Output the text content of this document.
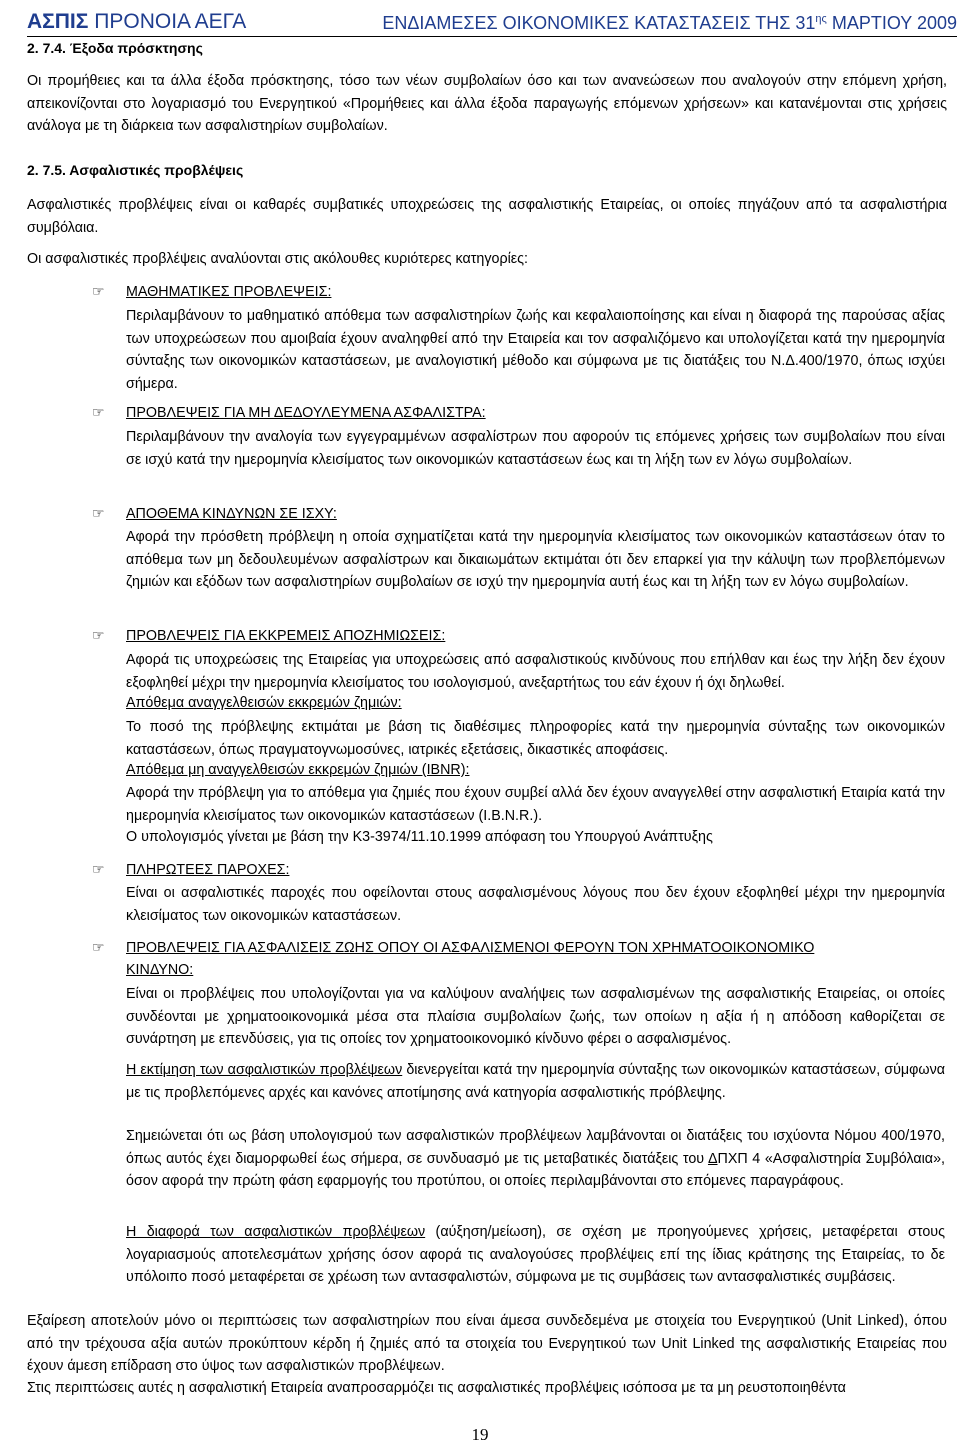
ΑΣΠΙΣ ΠΡΟΝΟΙΑ ΑΕΓΑ	ΕΝΔΙΑΜΕΣΕΣ ΟΙΚΟΝΟΜΙΚΕΣ ΚΑΤΑΣΤΑΣΕΙΣ ΤΗΣ $31^{\eta\varsigma}$ ΜΑΡΤΙΟΥ 2009
2. 7.4. Έξοδα πρόσκτησης

Οι προμήθειες και τα άλλα έξοδα πρόσκτησης, τόσο των νέων συμβολαίων όσο και των ανανεώσεων που αναλογούν στην επόμενη χρήση, απεικονίζονται στο λογαριασμό του Ενεργητικού «Προμήθειες και άλλα έξοδα παραγωγής επόμενων χρήσεων» και κατανέμονται στις χρήσεις ανάλογα με τη διάρκεια των ασφαλιστηρίων συμβολαίων.

2. 7.5. Ασφαλιστικές προβλέψεις

Ασφαλιστικές προβλέψεις είναι οι καθαρές συμβατικές υποχρεώσεις της ασφαλιστικής Εταιρείας, οι οποίες πηγάζουν από τα ασφαλιστήρια συμβόλαια.

Οι ασφαλιστικές προβλέψεις αναλύονται στις ακόλουθες κυριότερες κατηγορίες:

☞ ΜΑΘΗΜΑΤΙΚΕΣ ΠΡΟΒΛΕΨΕΙΣ:

Περιλαμβάνουν το μαθηματικό απόθεμα των ασφαλιστηρίων ζωής και κεφαλαιοποίησης και είναι η διαφορά της παρούσας αξίας των υποχρεώσεων που αμοιβαία έχουν αναληφθεί από την Εταιρεία και τον ασφαλιζόμενο και υπολογίζεται κατά την ημερομηνία σύνταξης των οικονομικών καταστάσεων, με αναλογιστική μέθοδο και σύμφωνα με τις διατάξεις του Ν.Δ.400/1970, όπως ισχύει σήμερα.

☞ ΠΡΟΒΛΕΨΕΙΣ ΓΙΑ ΜΗ ΔΕΔΟΥΛΕΥΜΕΝΑ ΑΣΦΑΛΙΣΤΡΑ:

Περιλαμβάνουν την αναλογία των εγγεγραμμένων ασφαλίστρων που αφορούν τις επόμενες χρήσεις των συμβολαίων που είναι σε ισχύ κατά την ημερομηνία κλεισίματος των οικονομικών καταστάσεων έως και τη λήξη των εν λόγω συμβολαίων.

☞ ΑΠΟΘΕΜΑ ΚΙΝΔΥΝΩΝ ΣΕ ΙΣΧΥ:

Αφορά την πρόσθετη πρόβλεψη η οποία σχηματίζεται κατά την ημερομηνία κλεισίματος των οικονομικών καταστάσεων όταν το απόθεμα των μη δεδουλευμένων ασφαλίστρων και δικαιωμάτων εκτιμάται ότι δεν επαρκεί για την κάλυψη των προβλεπόμενων ζημιών και εξόδων των ασφαλιστηρίων συμβολαίων σε ισχύ την ημερομηνία αυτή έως και τη λήξη των εν λόγω συμβολαίων.

☞ ΠΡΟΒΛΕΨΕΙΣ ΓΙΑ ΕΚΚΡΕΜΕΙΣ ΑΠΟΖΗΜΙΩΣΕΙΣ:

Αφορά τις υποχρεώσεις της Εταιρείας για υποχρεώσεις από ασφαλιστικούς κινδύνους που επήλθαν και έως την λήξη δεν έχουν εξοφληθεί μέχρι την ημερομηνία κλεισίματος του ισολογισμού, ανεξαρτήτως του εάν έχουν ή όχι δηλωθεί.

Απόθεμα αναγγελθεισών εκκρεμών ζημιών:

Το ποσό της πρόβλεψης εκτιμάται με βάση τις διαθέσιμες πληροφορίες κατά την ημερομηνία σύνταξης των οικονομικών καταστάσεων, όπως πραγματογνωμοσύνες, ιατρικές εξετάσεις, δικαστικές αποφάσεις.

Απόθεμα μη αναγγελθεισών εκκρεμών ζημιών (IBNR):

Αφορά την πρόβλεψη για το απόθεμα για ζημιές που έχουν συμβεί αλλά δεν έχουν αναγγελθεί στην ασφαλιστική Εταιρία κατά την ημερομηνία κλεισίματος των οικονομικών καταστάσεων (I.B.N.R.).

Ο υπολογισμός γίνεται με βάση την Κ3-3974/11.10.1999 απόφαση του Υπουργού Ανάπτυξης

☞ ΠΛΗΡΩΤΕΕΣ ΠΑΡΟΧΕΣ:

Είναι οι ασφαλιστικές παροχές που οφείλονται στους ασφαλισμένους λόγους που δεν έχουν εξοφληθεί μέχρι την ημερομηνία κλεισίματος των οικονομικών καταστάσεων.

☞ ΠΡΟΒΛΕΨΕΙΣ ΓΙΑ ΑΣΦΑΛΙΣΕΙΣ ΖΩΗΣ ΟΠΟΥ ΟΙ ΑΣΦΑΛΙΣΜΕΝΟΙ ΦΕΡΟΥΝ ΤΟΝ ΧΡΗΜΑΤΟΟΙΚΟΝΟΜΙΚΟ
ΚΙΝΔΥΝΟ:

Είναι οι προβλέψεις που υπολογίζονται για να καλύψουν αναλήψεις των ασφαλισμένων της ασφαλιστικής Εταιρείας, οι οποίες συνδέονται με χρηματοοικονομικά μέσα στα πλαίσια συμβολαίων ζωής, των οποίων η αξία ή η απόδοση καθορίζεται σε συνάρτηση με επενδύσεις, για τις οποίες τον χρηματοοικονομικό κίνδυνο φέρει ο ασφαλισμένος.

Η εκτίμηση των ασφαλιστικών προβλέψεων διενεργείται κατά την ημερομηνία σύνταξης των οικονομικών καταστάσεων, σύμφωνα με τις προβλεπόμενες αρχές και κανόνες αποτίμησης ανά κατηγορία ασφαλιστικής πρόβλεψης.

Σημειώνεται ότι ως βάση υπολογισμού των ασφαλιστικών προβλέψεων λαμβάνονται οι διατάξεις του ισχύοντα Νόμου 400/1970, όπως αυτός έχει διαμορφωθεί έως σήμερα, σε συνδυασμό με τις μεταβατικές διατάξεις του ΔΠΧΠ 4 «Ασφαλιστηρία Συμβόλαια», όσον αφορά την πρώτη φάση εφαρμογής του προτύπου, οι οποίες περιλαμβάνονται στο επόμενες παραγράφους.

Η διαφορά των ασφαλιστικών προβλέψεων (αύξηση/μείωση), σε σχέση με προηγούμενες χρήσεις, μεταφέρεται στους λογαριασμούς αποτελεσμάτων χρήσης όσον αφορά τις αναλογούσες προβλέψεις επί της ίδιας κράτησης της Εταιρείας, το δε υπόλοιπο ποσό μεταφέρεται σε χρέωση των αντασφαλιστών, σύμφωνα με τις συμβάσεις των αντασφαλιστικές συμβάσεις.

Εξαίρεση αποτελούν μόνο οι περιπτώσεις των ασφαλιστηρίων που είναι άμεσα συνδεδεμένα με στοιχεία του Ενεργητικού (Unit Linked), όπου από την τρέχουσα αξία αυτών προκύπτουν κέρδη ή ζημιές από τα στοιχεία του Ενεργητικού των Unit Linked της ασφαλιστικής Εταιρείας που έχουν άμεση επίδραση στο ύψος των ασφαλιστικών προβλέψεων.

Στις περιπτώσεις αυτές η ασφαλιστική Εταιρεία αναπροσαρμόζει τις ασφαλιστικές προβλέψεις ισόποσα με τα μη ρευστοποιηθέντα

19
